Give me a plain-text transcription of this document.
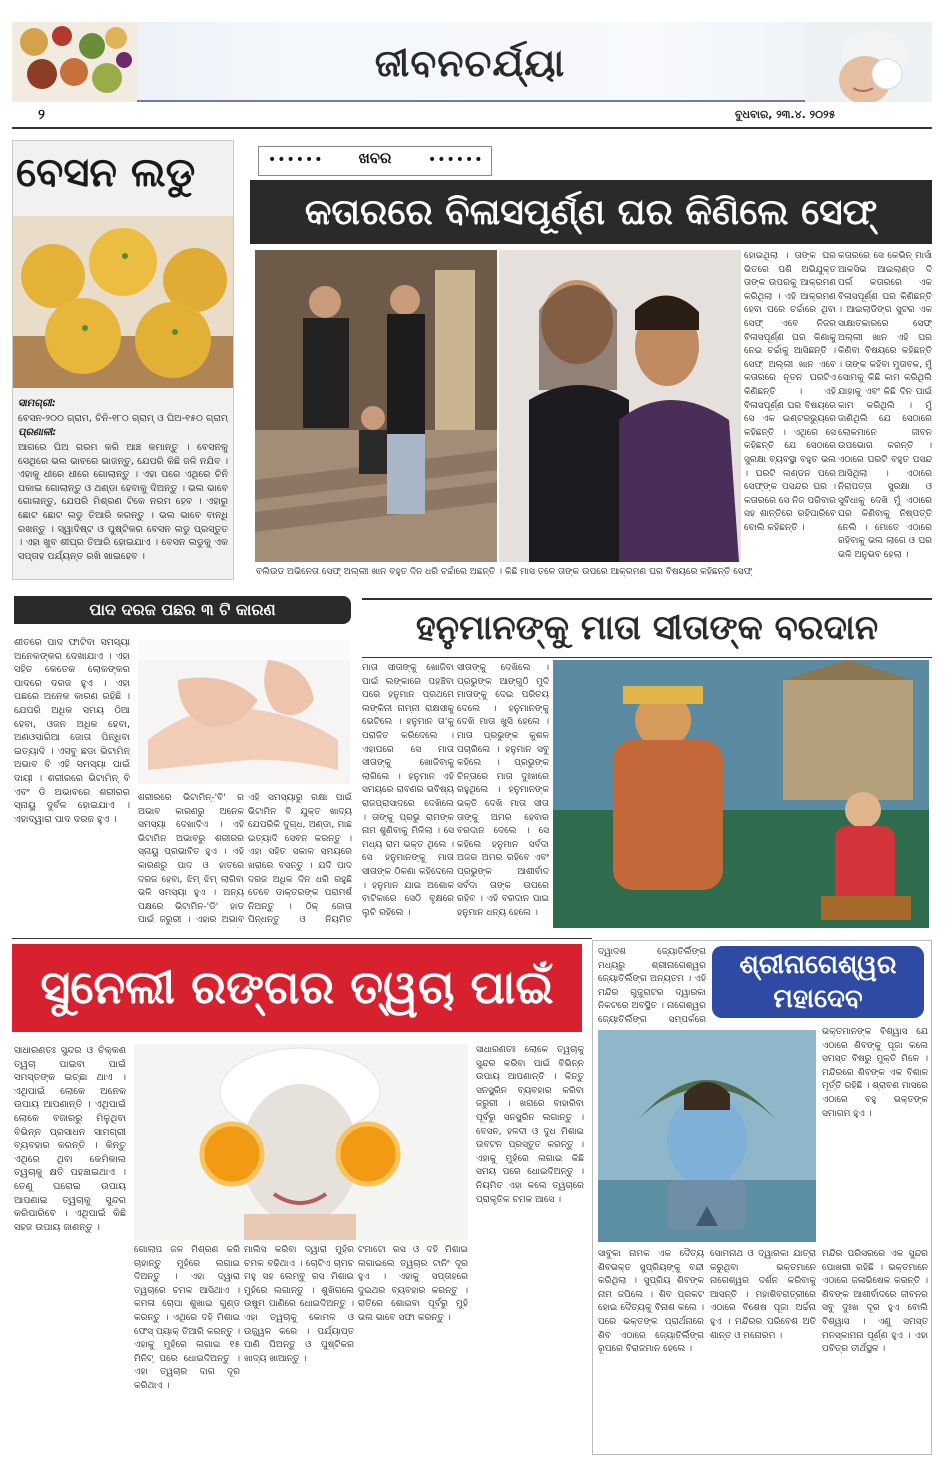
ଜୀବନଚର୍ଯ୍ୟା
୨	ବୁଧବାର, ୨୩.୪. ୨୦୨୫
ବେସନ ଲଡୁ
ସାମଗ୍ରୀ:
ବେସନ-୨୦୦ ଗ୍ରାମ, ଚିନି-୧୮୦ ଗ୍ରାମ୍ ଓ ଘିଅ-୧୫୦ ଗ୍ରାମ୍
ପ୍ରଣାଳୀ:
ଆଗରେ ଘିଅ ଗରମ କରି ଆଞ୍ଚ କମାନ୍ତୁ । ବେସନକୁ ସେଥିରେ ଭଲ ଭାବରେ ଭାଜନ୍ତୁ, ଯେପରି କିଛି ଜଳି ନଯିବ । ଏହାକୁ ଧୀରେ ଧୀରେ ଗୋଲାନ୍ତୁ । ଏହା ପରେ ଏଥିରେ ଚିନି ପକାଇ ଗୋଲାନ୍ତୁ ଓ ଥଣ୍ଡା ହେବାକୁ ଦିଅନ୍ତୁ । ଭଲ ଭାବେ ଗୋଳାନ୍ତୁ, ଯେପରି ମିଶ୍ରଣ ଟିକେ ନରମ ହେବ । ଏହାରୁ ଛୋଟ ଛୋଟ ଲଡୁ ତିଆରି କରନ୍ତୁ । ଭଲ ଭାବେ ବାନ୍ଧି ରଖନ୍ତୁ । ସ୍ୱାଦିଷ୍ଟ ଓ ପୁଷ୍ଟିକର ବେସନ ଲଡୁ ପ୍ରସ୍ତୁତ । ଏହା ଖୁବ ଶୀଘ୍ର ତିଆରି ହୋଇଯାଏ । ବେସନ ଲଡୁକୁ ଏକ ସପ୍ତାହ ପର୍ଯ୍ୟନ୍ତ ରଖି ଖାଇହେବ ।
ଖବର
••••••	••••••
କତାରରେ ବିଳାସପୂର୍ଣ୍ଣ ଘର କିଣିଲେ ସେଫ୍
ବଲିଉଡ ଅଭିନେତା ସେଫ୍ ଅଲ୍ଲୀ ଖାନ ବହୁତ ଦିନ ଧରି ଚର୍ଚ୍ଚାରେ ଅଛନ୍ତି । କିଛି ମାସ ତଳେ ତାଙ୍କ ଉପରେ ଆକ୍ରମଣ ଘର ବିଷୟରେ କହିଛନ୍ତି ସେଫ୍
ହୋଇଥିଲା । ତାଙ୍କ ଘର ଭିତରେ ପଶି ଅଭିଯୁକ୍ତ ତାଙ୍କ ଉପରକୁ ଆକ୍ରମଣ କରିଥିଲା । ଏହି ଆକ୍ରମଣ ହେବା ପରେ ଚର୍ଚ୍ଚାରେ ଥିବା ସେଫ୍ ଏବେ ନିଜର ବିଳାସପୂର୍ଣ୍ଣ ଘର କିଣାକୁ ନେଇ ଚର୍ଚ୍ଚାକୁ ଆସିଛନ୍ତି । ସେଫ୍ ଅଲ୍ଲୀ ଖାନ ଏବେ କତାରରେ ନୂତନ ଘରଟିଏ କିଣିଛନ୍ତି । ଏହି ବିଳାସପୂର୍ଣ୍ଣ ଘର ବିଷୟରେ ସେ ଏକ ଇଣ୍ଟରଭ୍ୟୁରେ କହିଛନ୍ତି । ଏଥିରେ ସେ କହିଛନ୍ତି ଯେ ସେଠାରେ ସୁରକ୍ଷା ବ୍ୟବସ୍ଥା ବହୁତ ଭଲ । ଘରଟି ଲଣ୍ଡନ ପରେ ସେଫ୍ଙ୍କ ପସନ୍ଦର ଘର । କତାରରେ ସେ ନିଜ ପରିବାର ସହ ଶାନ୍ତିରେ ରହିପାରିବେ ବୋଲି କହିଛନ୍ତି ।
କତାରରେ ସେ କେଭିନ୍ ମାର୍ସା ଆକସିଭ ଆଇଲାଣ୍ଡ ଦି ପର୍ଲ କତାରରେ ଏକ ବିଳାସପୂର୍ଣ୍ଣ ଘର କିଣିଛନ୍ତି । ଆଇଲାଡିଙ୍ଗ ସୁଟର ଏକ ସାକ୍ଷାତକାରରେ ସେଫ୍ ଅଲ୍ଲୀ ଖାନ ଏହି ଘର କିଣିବା ବିଷୟରେ କହିଛନ୍ତି । ତାଙ୍କ କହିବା ମୁତାବକ, ମୁଁ ସୋମକୁ କିଛି କାମ କରିଥିଲି ଯାହାକୁ ଏବଂ କିଛି ଦିନ ପାଇଁ କାମ କରିଥିଲି । ମୁଁ ଜାଣିଥିଲି ଯେ ସେଠାରେ ଲୋକମାନେ ଜୀବନ ଉପଭୋଗ କରନ୍ତି । ଏଠାରେ ଘରଟି ବହୁତ ପସନ୍ଦ ଆସିଥିଲା । ଏଠାରେ ନିରାପତ୍ତା ସୁରକ୍ଷା ଓ ସୁବିଧାକୁ ଦେଖି ମୁଁ ଏଠାରେ ଘର କିଣିବାକୁ ନିଷ୍ପତ୍ତି ନେଲି । ମୋତେ ଏଠାରେ ରହିବାକୁ ଭଲ ଲାଗେ ଓ ଘର ଭଳି ଅନୁଭବ ହେଲା ।
ପାଦ ଦରଜ ପଛର ୩ ଟି କାରଣ
ଶୀତରେ ପାଦ ଫାଟିବା ସମସ୍ୟା ଅନେକଙ୍କର ଦେଖାଯାଏ । ଏହା ସହିତ କେତେକ ଲୋକଙ୍କର ପାଦରେ ଦରଜ ହୁଏ । ଏହା ପଛରେ ଅନେକ କାରଣ ରହିଛି । ଯେପରି ଅଧିକ ସମୟ ଠିଆ ହେବା, ଓଜନ ଅଧିକ ହେବା, ଅଣଓସାରିଆ ଜୋତା ପିନ୍ଧିବା ଇତ୍ୟାଦି । ଏସବୁ ଛଡା ଭିଟାମିନ୍ ଅଭାବ ବି ଏହି ସମସ୍ୟା ପାଇଁ ଦାୟୀ । ଶରୀରରେ ଭିଟାମିନ୍ ବି ଏବଂ ଡି ଅଭାବରେ ଶରୀରର ସ୍ନାୟୁ ଦୁର୍ବଳ ହୋଇଯାଏ । ଏହାଦ୍ୱାରା ପାଦ ଦରଜ ହୁଏ ।
ଶରୀରରେ ଭିଟାମିନ୍-'ବି' ର ଅଭାବ କାରଣରୁ ଅନେକ ସମସ୍ୟା ଦେଖାଦିଏ । ଏହି ଭିଟାମିନ ଅଭାବରୁ ଶରୀରର ସ୍ନାୟୁ ପ୍ରଭାବିତ ହୁଏ । ଏହି କାରଣରୁ ପାଦ ଓ ହାତରେ ଦରଜ ହେବା, ଝିମ୍ ଝିମ୍ ଲାଗିବା ଭଳି ସମସ୍ୟା ହୁଏ । ଅନ୍ୟ ପକ୍ଷରେ ଭିଟାମିନ-'ଡି' ହାଡ ପାଇଁ ଜରୁରୀ । ଏହାର ଅଭାବ
ଏହି ସମସ୍ୟାରୁ ରକ୍ଷା ପାଇଁ ଭିଟାମିନ ବି ଯୁକ୍ତ ଖାଦ୍ୟ ଯେପରିକି ଦୁଗ୍ଧ, ଅଣ୍ଡା, ମାଛ ଇତ୍ୟାଦି ସେବନ କରନ୍ତୁ । ଏହା ସହିତ ସକାଳ ସମୟରେ ଖରାରେ ବସନ୍ତୁ । ଯଦି ପାଦ ଦରଜ ଅଧିକ ଦିନ ଧରି ରହୁଛି ତେବେ ଡାକ୍ତରଙ୍କ ପରାମର୍ଶ ନିଅନ୍ତୁ । ଠିକ୍ ଜୋତା ପିନ୍ଧନ୍ତୁ ଓ ନିୟମିତ
ହନୁମାନଙ୍କୁ ମାତା ସୀତାଙ୍କ ବରଦାନ
ମାତା ସୀତାଙ୍କୁ ଖୋଜିବା ପାଇଁ ଲଙ୍କାରେ ପହଞ୍ଚିବା ପରେ ହନୁମାନ ପ୍ରଥମେ ଲଙ୍କିନୀ ନାମ୍ନୀ ରାକ୍ଷସୀକୁ ଭେଟିଲେ । ହନୁମାନ ତା'କୁ ପରାଜିତ କରିଦେଲେ । ଏହାପରେ ସେ ମାତା ସୀତାଙ୍କୁ ଖୋଜିବାକୁ ଲାଗିଲେ । ହନୁମାନ ଏହି ସମୟରେ ରାବଣର ଭବିଷ୍ୟ ରାଜପ୍ରାସାଦରେ ଦେଖିଲେ । ତାଙ୍କୁ ପ୍ରଭୁ ରାମଙ୍କ ନାମ ଶୁଣିବାକୁ ମିଳିଲା । ସେ ମଧ୍ୟ ରାମ ଭକ୍ତ ଥିଲେ । ସେ ହନୁମାନଙ୍କୁ ମାତା ସୀତାଙ୍କ ଠିକଣା କହିଦେଲେ । ହନୁମାନ ଯାଇ ଅଶୋକ ବାଟିକାରେ ସେଠି ବୃକ୍ଷରେ ଲୁଚି ରହିଲେ ।
ସୀତାଙ୍କୁ ଦେଖିଲେ । ପ୍ରଭୁଙ୍କ ଆଙ୍ଗୁଠି ମୁଦି ମାତାଙ୍କୁ ଦେଇ ପରିଚୟ ଦେଲେ । ହନୁମାନଙ୍କୁ ଦେଖି ମାତା ଖୁସି ହେଲେ । ମାତା ପ୍ରଭୁଙ୍କ କୁଶଳ ପଚାରିଲେ । ହନୁମାନ ସବୁ କହିଲେ । ପ୍ରଭୁଙ୍କ ଚିନ୍ତାରେ ମାତା ଦୁଃଖରେ ରହୁଥିଲେ । ହନୁମାନଙ୍କ ଭକ୍ତି ଦେଖି ମାତା ସୀତା ତାଙ୍କୁ ଅମର ହେବାର ବରଦାନ ଦେଲେ । ସେ କହିଲେ ହନୁମାନ ସର୍ବଦା ଅଜର ଅମର ରହିବେ ଏବଂ ପ୍ରଭୁଙ୍କ ଆଶୀର୍ବାଦ ସର୍ବଦା ତାଙ୍କ ଉପରେ ରହିବ । ଏହି ବରଦାନ ପାଇ ହନୁମାନ ଧନ୍ୟ ହେଲେ ।
ସୁନେଲୀ ରଙ୍ଗର ତ୍ୱଚା ପାଇଁ
ସାଧାରଣତଃ ସୁନ୍ଦର ଓ ଚିକ୍କଣ ତ୍ୱଚା ପାଇବା ପାଇଁ ସମସ୍ତଙ୍କ ଇଚ୍ଛା ଥାଏ । ଏଥିପାଇଁ ଲୋକେ ଅନେକ ଉପାୟ ଆପଣାନ୍ତି । ଏଥିପାଇଁ ଲୋକେ ବଜାରରୁ ମିଳୁଥିବା ବିଭିନ୍ନ ପ୍ରସାଧନ ସାମଗ୍ରୀ ବ୍ୟବହାର କରନ୍ତି । କିନ୍ତୁ ଏଥିରେ ଥିବା କେମିକାଲ ତ୍ୱଚାକୁ କ୍ଷତି ପହଞ୍ଚାଇଥାଏ । ତେଣୁ ଘରୋଇ ଉପାୟ ଆପଣାଇ ତ୍ୱଚାକୁ ସୁନ୍ଦର କରିପାରିବେ । ଏଥିପାଇଁ କିଛି ସହଜ ଉପାୟ ଜାଣନ୍ତୁ ।
ଗୋଲାପ ଜଳ ମିଶ୍ରଣ କରି ଚାହାନ୍ତୁ ମୁହଁରେ ଲଗାଇ ଦିଅନ୍ତୁ । ଏହା ଦ୍ୱାରା ତ୍ୱଚାରେ ଚମକ ଆସିଥାଏ । କମଳା ଚୋପା ଶୁଖାଇ ଗୁଣ୍ଡ କରନ୍ତୁ । ଏଥିରେ ଦହି ମିଶାଇ ଫେସ୍ ପ୍ୟାକ୍ ତିଆରି କରନ୍ତୁ । ଏହାକୁ ମୁହଁରେ ଲଗାଇ ୧୫ ମିନିଟ୍ ପରେ ଧୋଇଦିଅନ୍ତୁ । ଏହା ତ୍ୱଚାର ଦାଗ ଦୂର କରିଥାଏ ।
ମାଲିସ କରିବା ଦ୍ୱାରା ମୁହଁର ଚମକ ବଢିଥାଏ । ଚୋଟିଏ ଚାମଚ ମହୁ ସହ ଲେମ୍ବୁ ରସ ମିଶାଇ ମୁହଁରେ ଲଗାନ୍ତୁ । ଶୁଖିଗଲେ ଉଷୁମ ପାଣିରେ ଧୋଇଦିଅନ୍ତୁ । ଏହା ତ୍ୱଚାକୁ କୋମଳ ଓ ଉଜ୍ଜ୍ୱଳ କରେ । ପର୍ଯ୍ୟାପ୍ତ ପାଣି ପିଅନ୍ତୁ ଓ ପୁଷ୍ଟିକର ଖାଦ୍ୟ ଖାଆନ୍ତୁ ।
ଟମାଟୋ ରସ ଓ ଦହି ମିଶାଇ ଲଗାଇଲେ ତ୍ୱଚାର ଟାନିଂ ଦୂର ହୁଏ । ଏହାକୁ ସପ୍ତାହରେ ଦୁଇଥର ବ୍ୟବହାର କରନ୍ତୁ । ରାତିରେ ଶୋଇବା ପୂର୍ବରୁ ମୁହଁ ଭଲ ଭାବେ ସଫା କରନ୍ତୁ ।
ସାଧାରଣତଃ ଲୋକେ ତ୍ୱଚାକୁ ସୁନ୍ଦର କରିବା ପାଇଁ ବିଭିନ୍ନ ଉପାୟ ଆପଣାନ୍ତି । କିନ୍ତୁ ସନସ୍କ୍ରିନ ବ୍ୟବହାର କରିବା ଜରୁରୀ । ଖରାରେ ବାହାରିବା ପୂର୍ବରୁ ସନସ୍କ୍ରିନ ଲଗାନ୍ତୁ । ବେସନ, ହଳଦୀ ଓ ଦୁଧ ମିଶାଇ ଉବଟନ ପ୍ରସ୍ତୁତ କରନ୍ତୁ । ଏହାକୁ ମୁହଁରେ ଲଗାଇ କିଛି ସମୟ ପରେ ଧୋଇଦିଅନ୍ତୁ । ନିୟମିତ ଏହା କଲେ ତ୍ୱଚାରେ ପ୍ରାକୃତିକ ଚମକ ଆସେ ।
ଦ୍ୱାଦଶ ଜ୍ୟୋତିର୍ଲିଙ୍ଗ ମଧ୍ୟରୁ ଶ୍ରୀନାଗେଶ୍ୱର ଜ୍ୟୋତିର୍ଲିଙ୍ଗ ଅନ୍ୟତମ । ଏହି ମନ୍ଦିର ଗୁଜୁରାଟର ଦ୍ୱାରକା ନିକଟରେ ଅବସ୍ଥିତ । ନାଗେଶ୍ୱର ଜ୍ୟୋତିର୍ଲିଙ୍ଗ ସମ୍ପର୍କରେ
ଶ୍ରୀନାଗେଶ୍ୱର ମହାଦେବ
ଭକ୍ତମାନଙ୍କ ବିଶ୍ୱାସ ଯେ ଏଠାରେ ଶିବଙ୍କୁ ପୂଜା କଲେ ସମସ୍ତ ବିଷରୁ ମୁକ୍ତି ମିଳେ । ମନ୍ଦିରରେ ଶିବଙ୍କ ଏକ ବିଶାଳ ମୂର୍ତ୍ତି ରହିଛି । ଶ୍ରାବଣ ମାସରେ ଏଠାରେ ବହୁ ଭକ୍ତଙ୍କ ସମାଗମ ହୁଏ ।
ସାବୁକା ନାମକ ଏକ ଦୈତ୍ୟ ଶିବଭକ୍ତ ସୁପ୍ରିୟଙ୍କୁ ବନ୍ଦୀ କରିଥିଲା । ସୁପ୍ରିୟ ଶିବଙ୍କ ନାମ ଜପିଲେ । ଶିବ ପ୍ରକଟ ହୋଇ ଦୈତ୍ୟକୁ ବିନାଶ କଲେ । ପରେ ଭକ୍ତଙ୍କ ପ୍ରାର୍ଥନାରେ ଶିବ ଏଠାରେ ଜ୍ୟୋତିର୍ଲିଙ୍ଗ ରୂପରେ ବିରାଜମାନ ହେଲେ ।
ସୋମନାଥ ଓ ଦ୍ୱାରକା ଯାତ୍ରା କରୁଥିବା ଭକ୍ତମାନେ ନାଗେଶ୍ୱର ଦର୍ଶନ କରିବାକୁ ଆସନ୍ତି । ମହାଶିବରାତ୍ରୀରେ ଏଠାରେ ବିଶେଷ ପୂଜା ଅର୍ଚ୍ଚନା ହୁଏ । ମନ୍ଦିରର ପରିବେଶ ଅତି ଶାନ୍ତ ଓ ମନୋରମ ।
ମନ୍ଦିର ପରିସରରେ ଏକ ସୁନ୍ଦର ପୋଖରୀ ରହିଛି । ଭକ୍ତମାନେ ଏଠାରେ ଜଳାଭିଷେକ କରନ୍ତି । ଶିବଙ୍କ ଆଶୀର୍ବାଦରେ ଜୀବନର ସବୁ ଦୁଃଖ ଦୂର ହୁଏ ବୋଲି ବିଶ୍ୱାସ । ଏଣୁ ସମସ୍ତ ମନସ୍କାମନା ପୂର୍ଣ୍ଣ ହୁଏ । ଏହା ପବିତ୍ର ତୀର୍ଥସ୍ଥଳ ।
